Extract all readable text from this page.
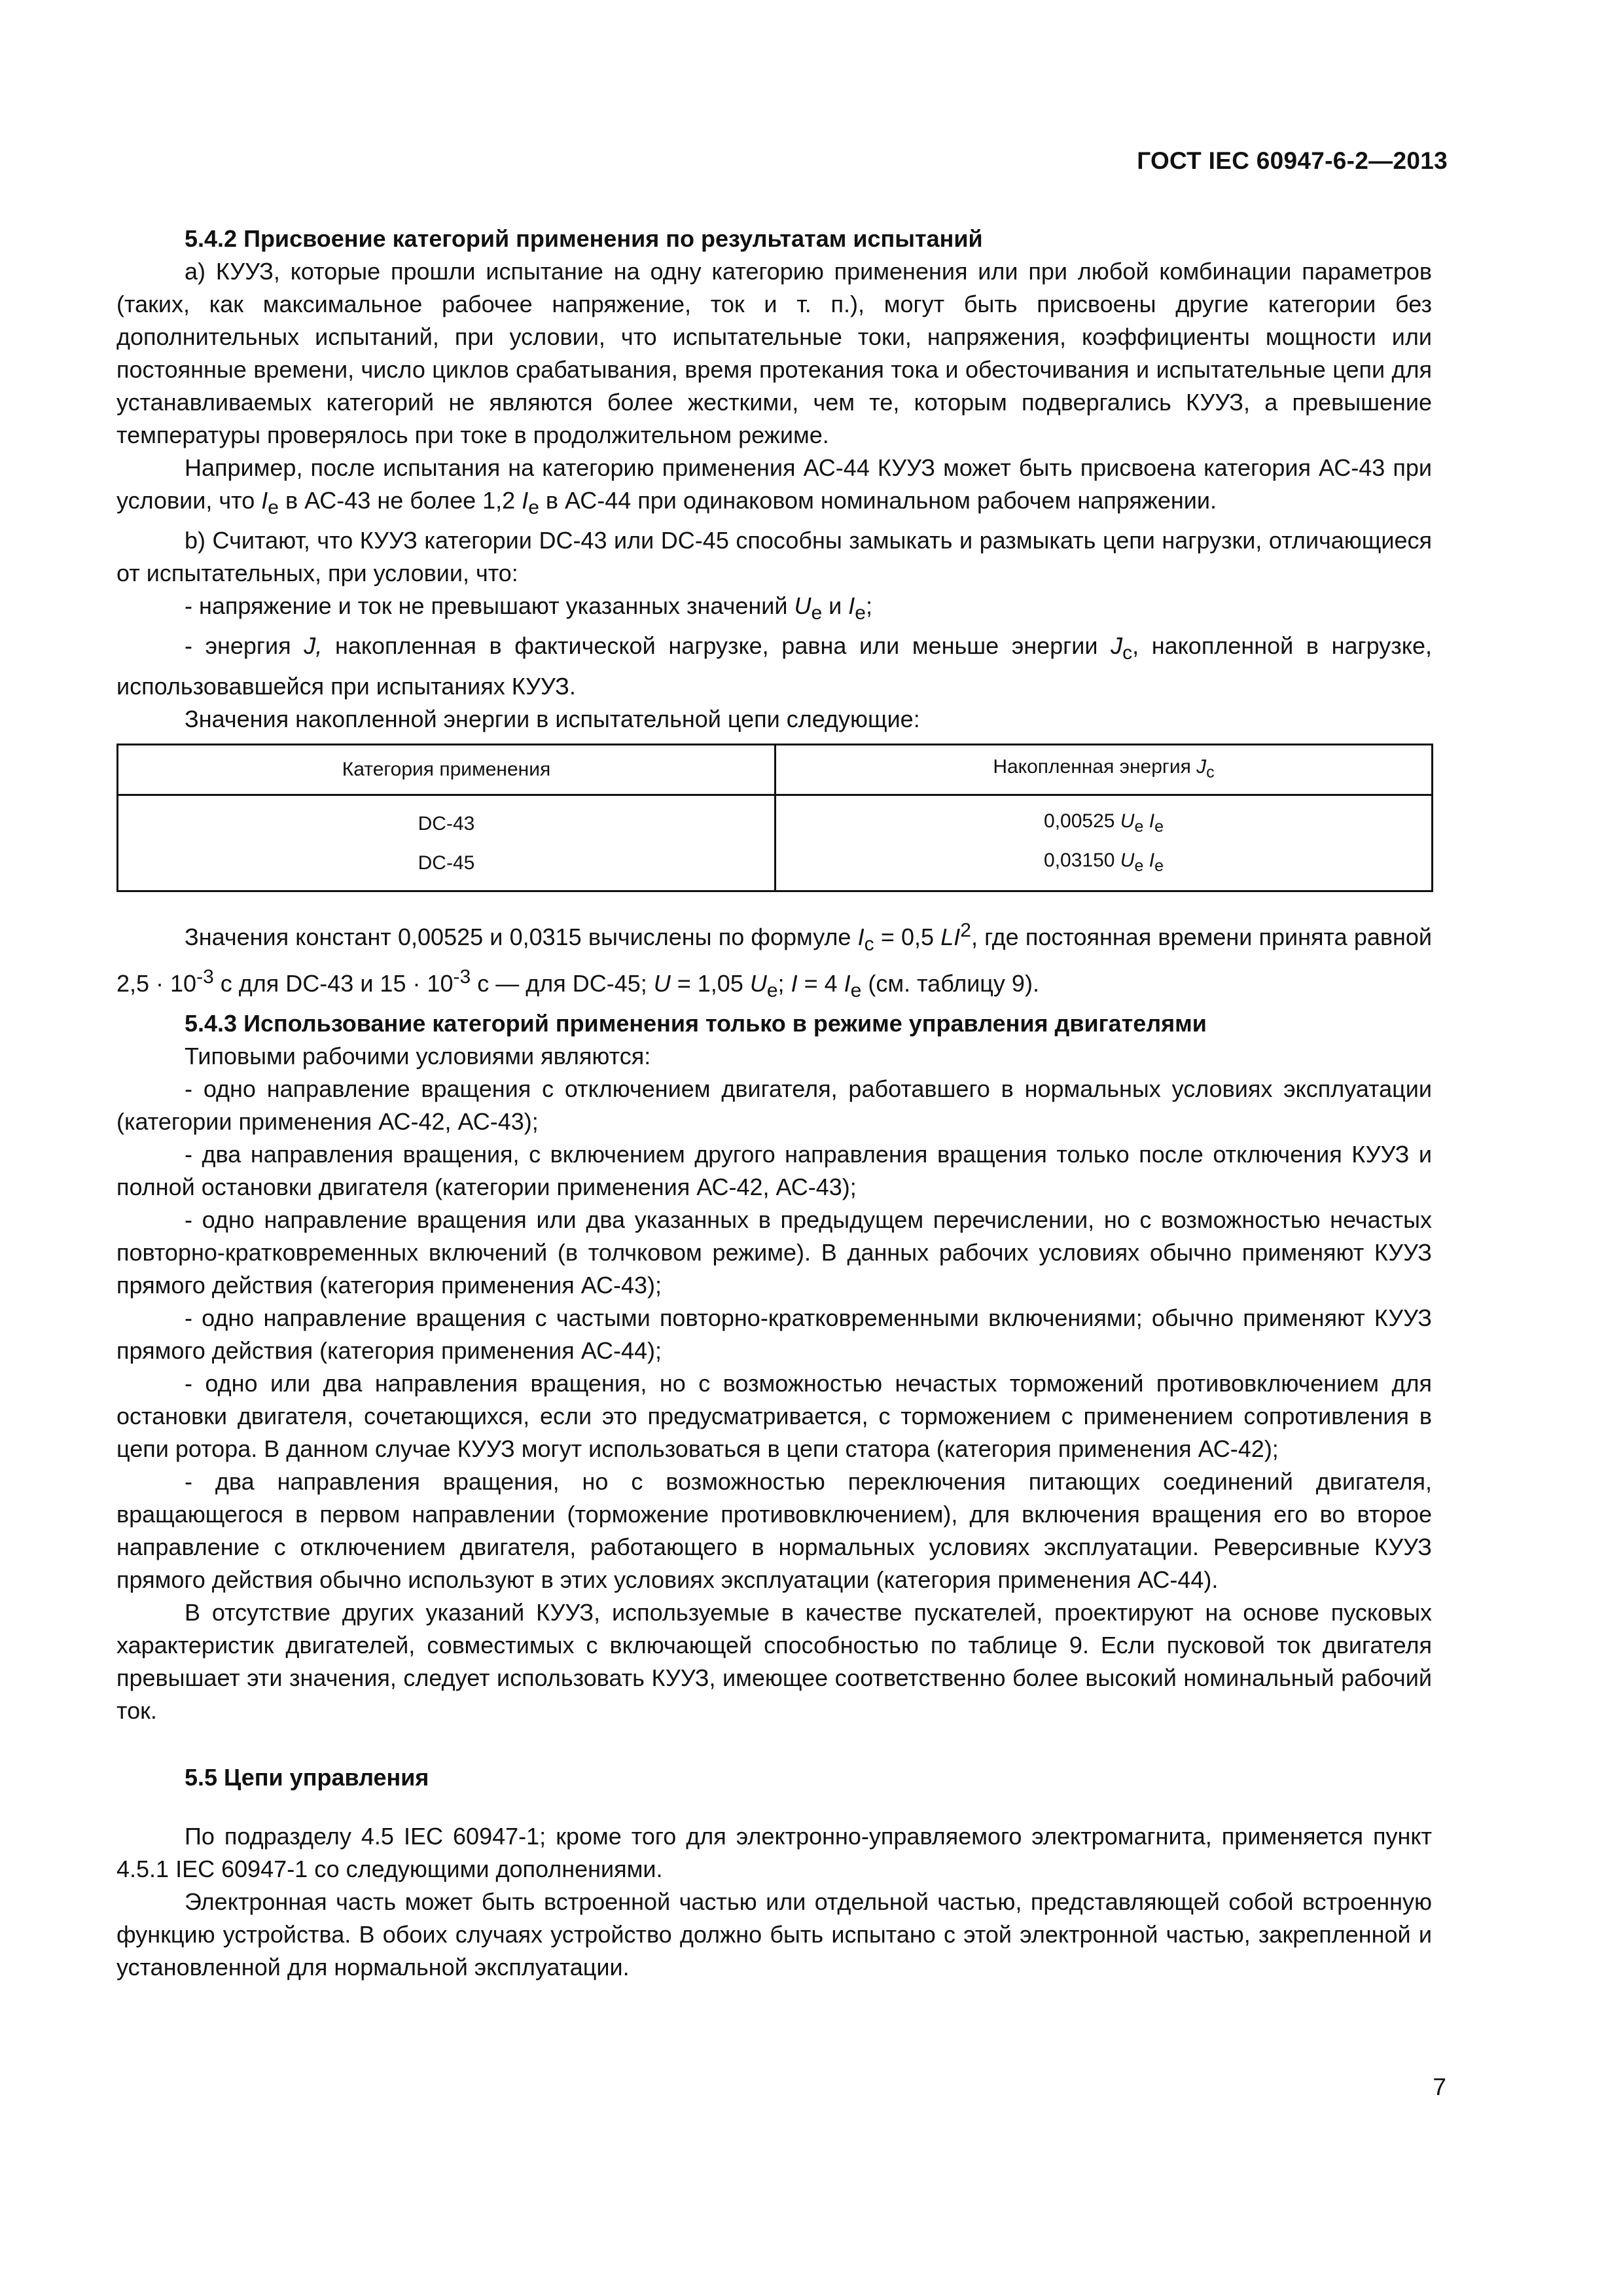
ГОСТ IEC 60947-6-2—2013

5.4.2 Присвоение категорий применения по результатам испытаний

а) КУУЗ, которые прошли испытание на одну категорию применения или при любой комбинации параметров (таких, как максимальное рабочее напряжение, ток и т. п.), могут быть присвоены другие категории без дополнительных испытаний, при условии, что испытательные токи, напряжения, коэффициенты мощности или постоянные времени, число циклов срабатывания, время протекания тока и обесточивания и испытательные цепи для устанавливаемых категорий не являются более жесткими, чем те, которым подвергались КУУЗ, а превышение температуры проверялось при токе в продолжительном режиме.

Например, после испытания на категорию применения АС-44 КУУЗ может быть присвоена категория АС-43 при условии, что $I_e$ в АС-43 не более 1,2 $I_e$ в АС-44 при одинаковом номинальном рабочем напряжении.

b) Считают, что КУУЗ категории DC-43 или DC-45 способны замыкать и размыкать цепи нагрузки, отличающиеся от испытательных, при условии, что:

- напряжение и ток не превышают указанных значений $U_e$ и $I_e$;

- энергия J, накопленная в фактической нагрузке, равна или меньше энергии $J_c$, накопленной в нагрузке, использовавшейся при испытаниях КУУЗ.

Значения накопленной энергии в испытательной цепи следующие:

Категория применения	Накопленная энергия $J_c$
DC-43	0,00525 $U_e$ $I_e$
DC-45	0,03150 $U_e$ $I_e$

Значения констант 0,00525 и 0,0315 вычислены по формуле $I_c = 0,5$ $LI^2$, где постоянная времени принята равной $2,5 \cdot 10^{-3}$ с для DC-43 и $15 \cdot 10^{-3}$ с — для DC-45; U = 1,05 $U_e$; I = 4 $I_e$ (см. таблицу 9).

5.4.3 Использование категорий применения только в режиме управления двигателями

Типовыми рабочими условиями являются:

- одно направление вращения с отключением двигателя, работавшего в нормальных условиях эксплуатации (категории применения АС-42, АС-43);

- два направления вращения, с включением другого направления вращения только после отключения КУУЗ и полной остановки двигателя (категории применения АС-42, АС-43);

- одно направление вращения или два указанных в предыдущем перечислении, но с возможностью нечастых повторно-кратковременных включений (в толчковом режиме). В данных рабочих условиях обычно применяют КУУЗ прямого действия (категория применения АС-43);

- одно направление вращения с частыми повторно-кратковременными включениями; обычно применяют КУУЗ прямого действия (категория применения АС-44);

- одно или два направления вращения, но с возможностью нечастых торможений противовключением для остановки двигателя, сочетающихся, если это предусматривается, с торможением с применением сопротивления в цепи ротора. В данном случае КУУЗ могут использоваться в цепи статора (категория применения АС-42);

- два направления вращения, но с возможностью переключения питающих соединений двигателя, вращающегося в первом направлении (торможение противовключением), для включения вращения его во второе направление с отключением двигателя, работающего в нормальных условиях эксплуатации. Реверсивные КУУЗ прямого действия обычно используют в этих условиях эксплуатации (категория применения АС-44).

В отсутствие других указаний КУУЗ, используемые в качестве пускателей, проектируют на основе пусковых характеристик двигателей, совместимых с включающей способностью по таблице 9. Если пусковой ток двигателя превышает эти значения, следует использовать КУУЗ, имеющее соответственно более высокий номинальный рабочий ток.

5.5 Цепи управления

По подразделу 4.5 IEC 60947-1; кроме того для электронно-управляемого электромагнита, применяется пункт 4.5.1 IEC 60947-1 со следующими дополнениями.

Электронная часть может быть встроенной частью или отдельной частью, представляющей собой встроенную функцию устройства. В обоих случаях устройство должно быть испытано с этой электронной частью, закрепленной и установленной для нормальной эксплуатации.

7
